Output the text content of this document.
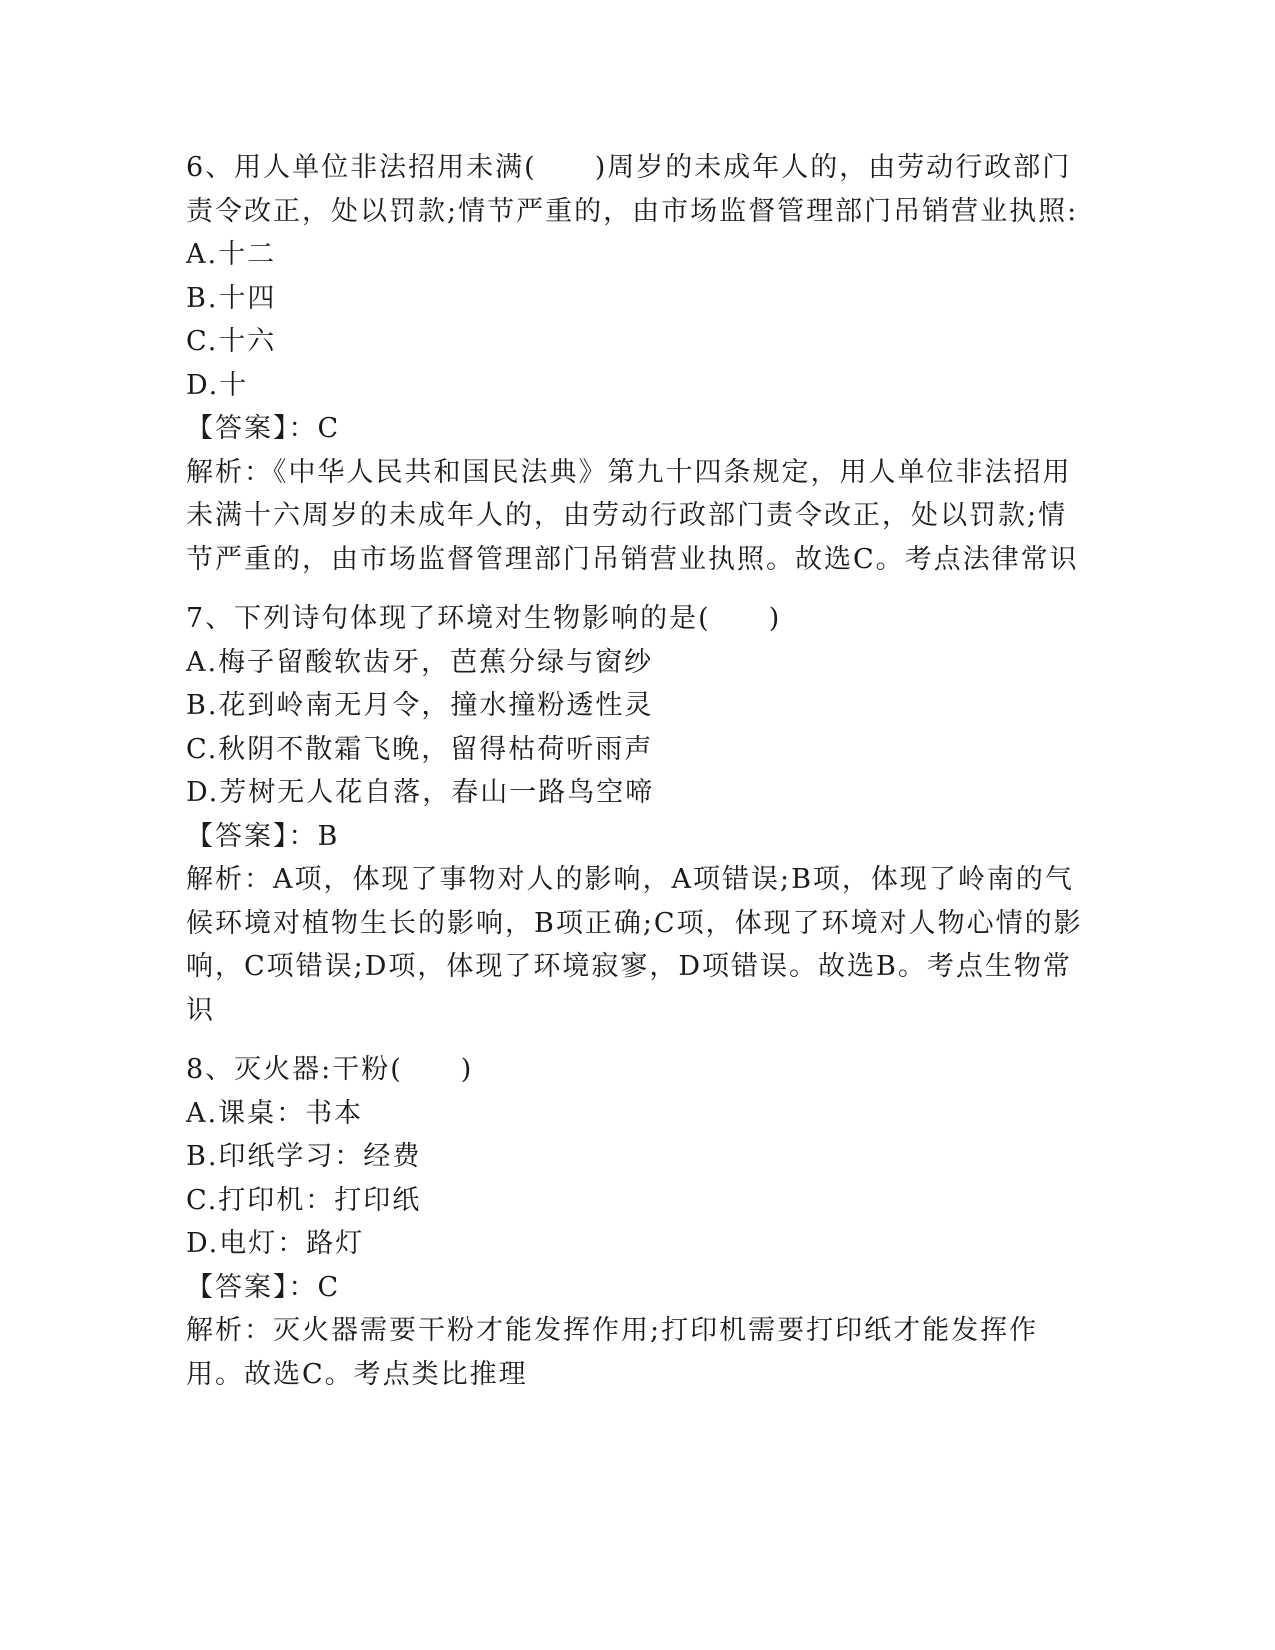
6、用人单位非法招用未满(　　)周岁的未成年人的，由劳动行政部门责令改正，处以罚款;情节严重的，由市场监督管理部门吊销营业执照:
A.十二
B.十四
C.十六
D.十
【答案】：C
解析：《中华人民共和国民法典》第九十四条规定，用人单位非法招用未满十六周岁的未成年人的，由劳动行政部门责令改正，处以罚款;情节严重的，由市场监督管理部门吊销营业执照。故选C。考点法律常识
7、下列诗句体现了环境对生物影响的是(　　)
A.梅子留酸软齿牙，芭蕉分绿与窗纱
B.花到岭南无月令，撞水撞粉透性灵
C.秋阴不散霜飞晚，留得枯荷听雨声
D.芳树无人花自落，春山一路鸟空啼
【答案】：B
解析：A项，体现了事物对人的影响，A项错误;B项，体现了岭南的气候环境对植物生长的影响，B项正确;C项，体现了环境对人物心情的影响，C项错误;D项，体现了环境寂寥，D项错误。故选B。考点生物常识
8、灭火器:干粉(　　)
A.课桌：书本
B.印纸学习：经费
C.打印机：打印纸
D.电灯：路灯
【答案】：C
解析：灭火器需要干粉才能发挥作用;打印机需要打印纸才能发挥作用。故选C。考点类比推理
